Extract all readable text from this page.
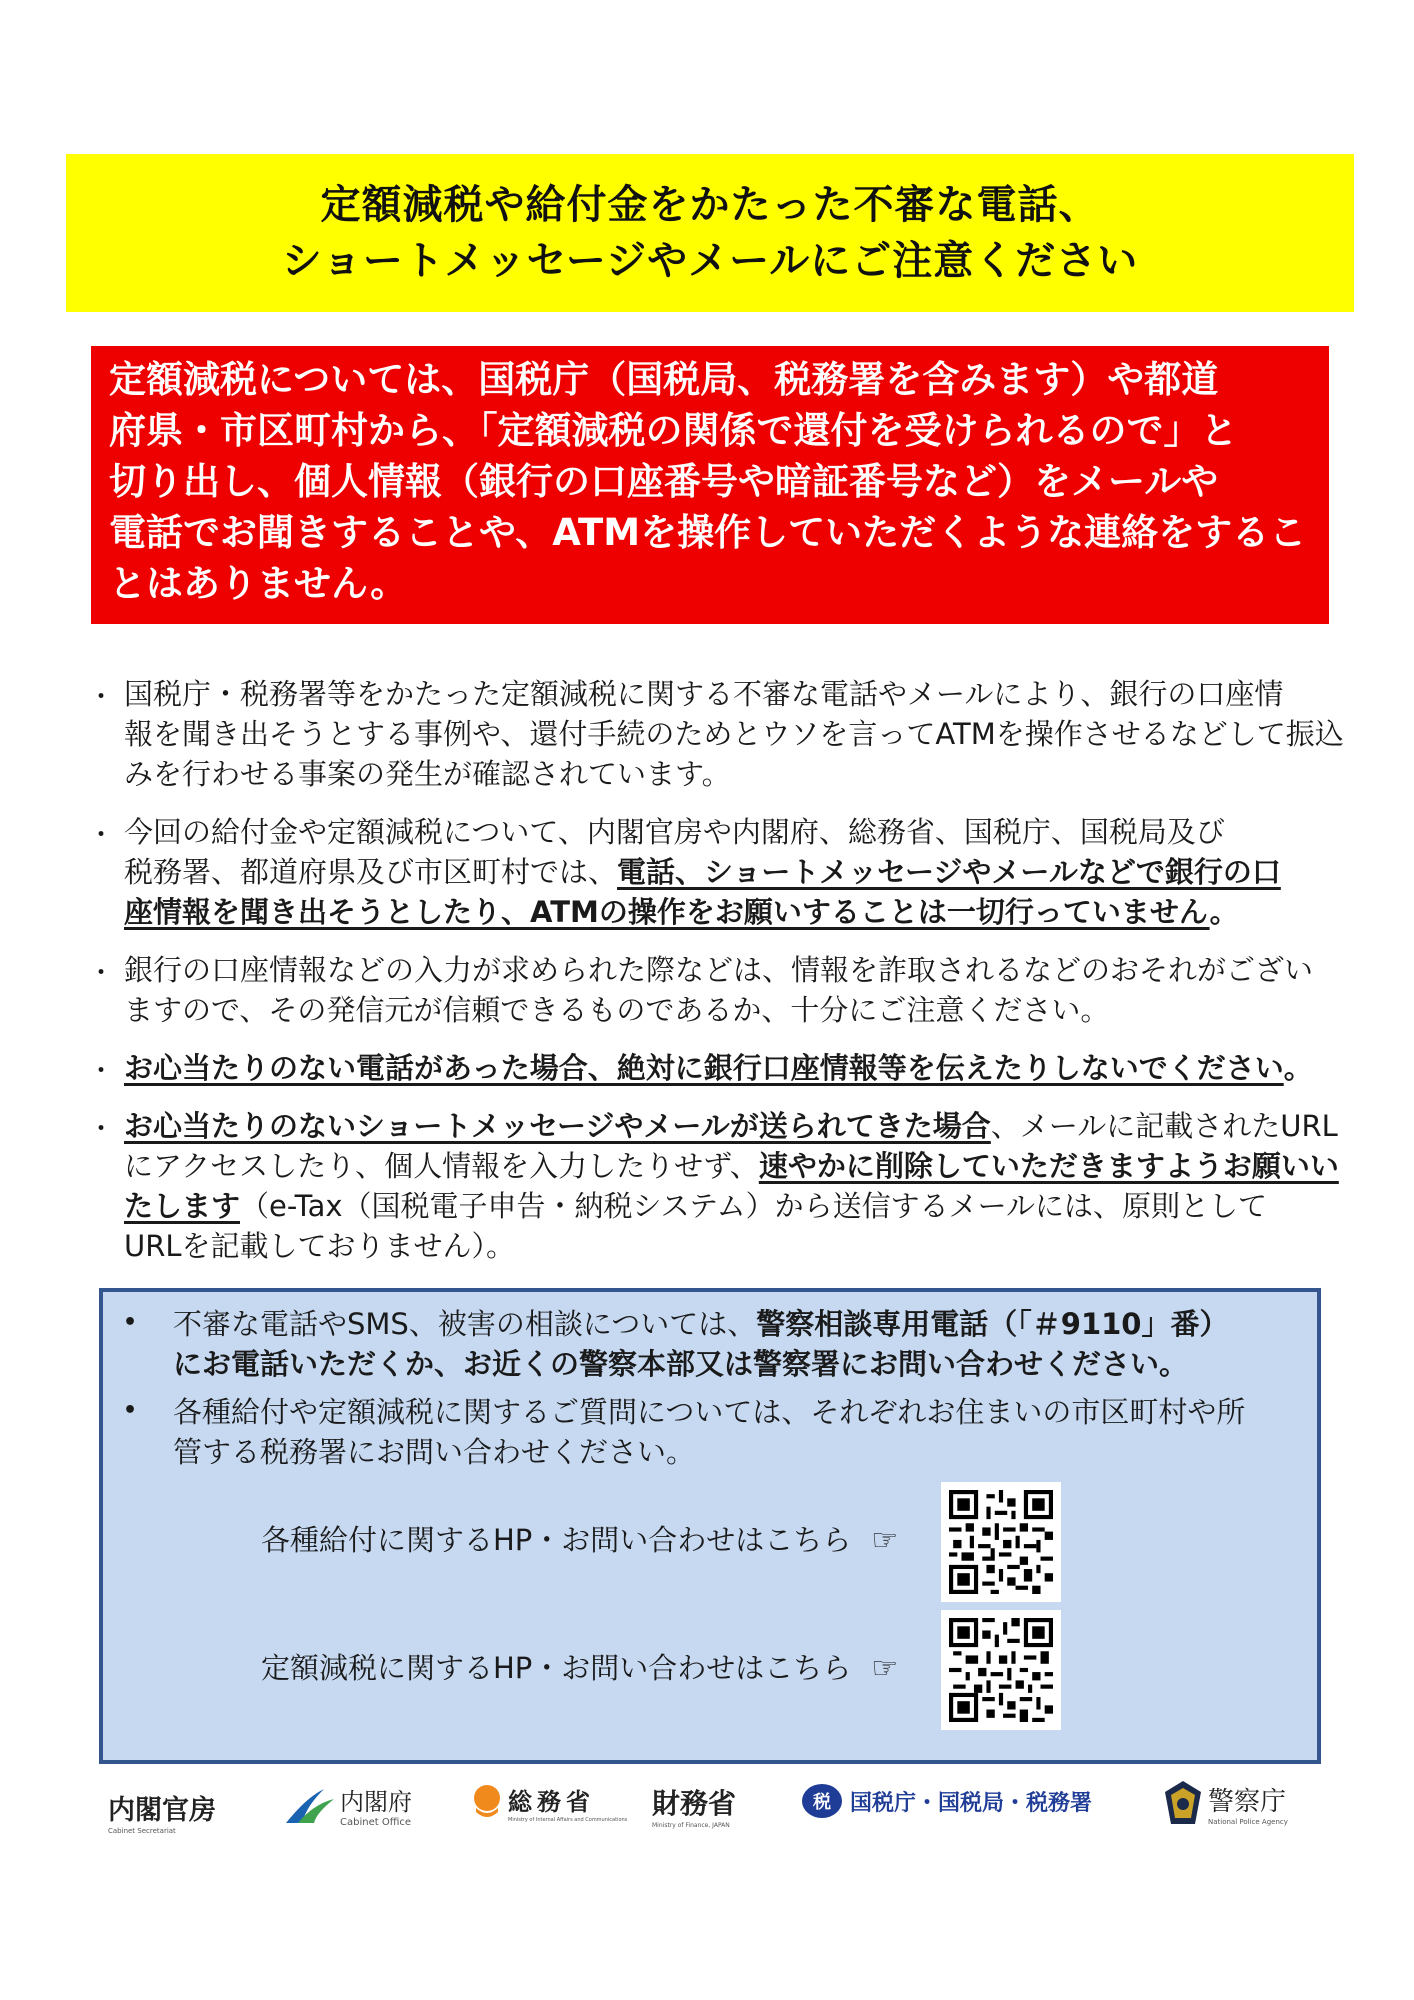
定額減税や給付金をかたった不審な電話、
ショートメッセージやメールにご注意ください
定額減税については、国税庁（国税局、税務署を含みます）や都道
府県・市区町村から、「定額減税の関係で還付を受けられるので」と
切り出し、個人情報（銀行の口座番号や暗証番号など）をメールや
電話でお聞きすることや、ATMを操作していただくような連絡をするこ
とはありません。
・ 国税庁・税務署等をかたった定額減税に関する不審な電話やメールにより、銀行の口座情
報を聞き出そうとする事例や、還付手続のためとウソを言ってATMを操作させるなどして振込
みを行わせる事案の発生が確認されています。
・ 今回の給付金や定額減税について、内閣官房や内閣府、総務省、国税庁、国税局及び
税務署、都道府県及び市区町村では、電話、ショートメッセージやメールなどで銀行の口
座情報を聞き出そうとしたり、ATMの操作をお願いすることは一切行っていません。
・ 銀行の口座情報などの入力が求められた際などは、情報を詐取されるなどのおそれがござい
ますので、その発信元が信頼できるものであるか、十分にご注意ください。
・ お心当たりのない電話があった場合、絶対に銀行口座情報等を伝えたりしないでください。
・ お心当たりのないショートメッセージやメールが送られてきた場合、メールに記載されたURL
にアクセスしたり、個人情報を入力したりせず、速やかに削除していただきますようお願いい
たします（e-Tax（国税電子申告・納税システム）から送信するメールには、原則として
URLを記載しておりません）。
• 不審な電話やSMS、被害の相談については、警察相談専用電話（「＃9110」番）
にお電話いただくか、お近くの警察本部又は警察署にお問い合わせください。
• 各種給付や定額減税に関するご質問については、それぞれお住まいの市区町村や所
管する税務署にお問い合わせください。
各種給付に関するHP・お問い合わせはこちら ☞
定額減税に関するHP・お問い合わせはこちら ☞
内閣官房
Cabinet Secretariat
内閣府
Cabinet Office
総務省
Ministry of Internal Affairs and Communications 財務省
Ministry of Finance, JAPAN
税 国税庁・国税局・税務署	警察庁
National Police Agency
